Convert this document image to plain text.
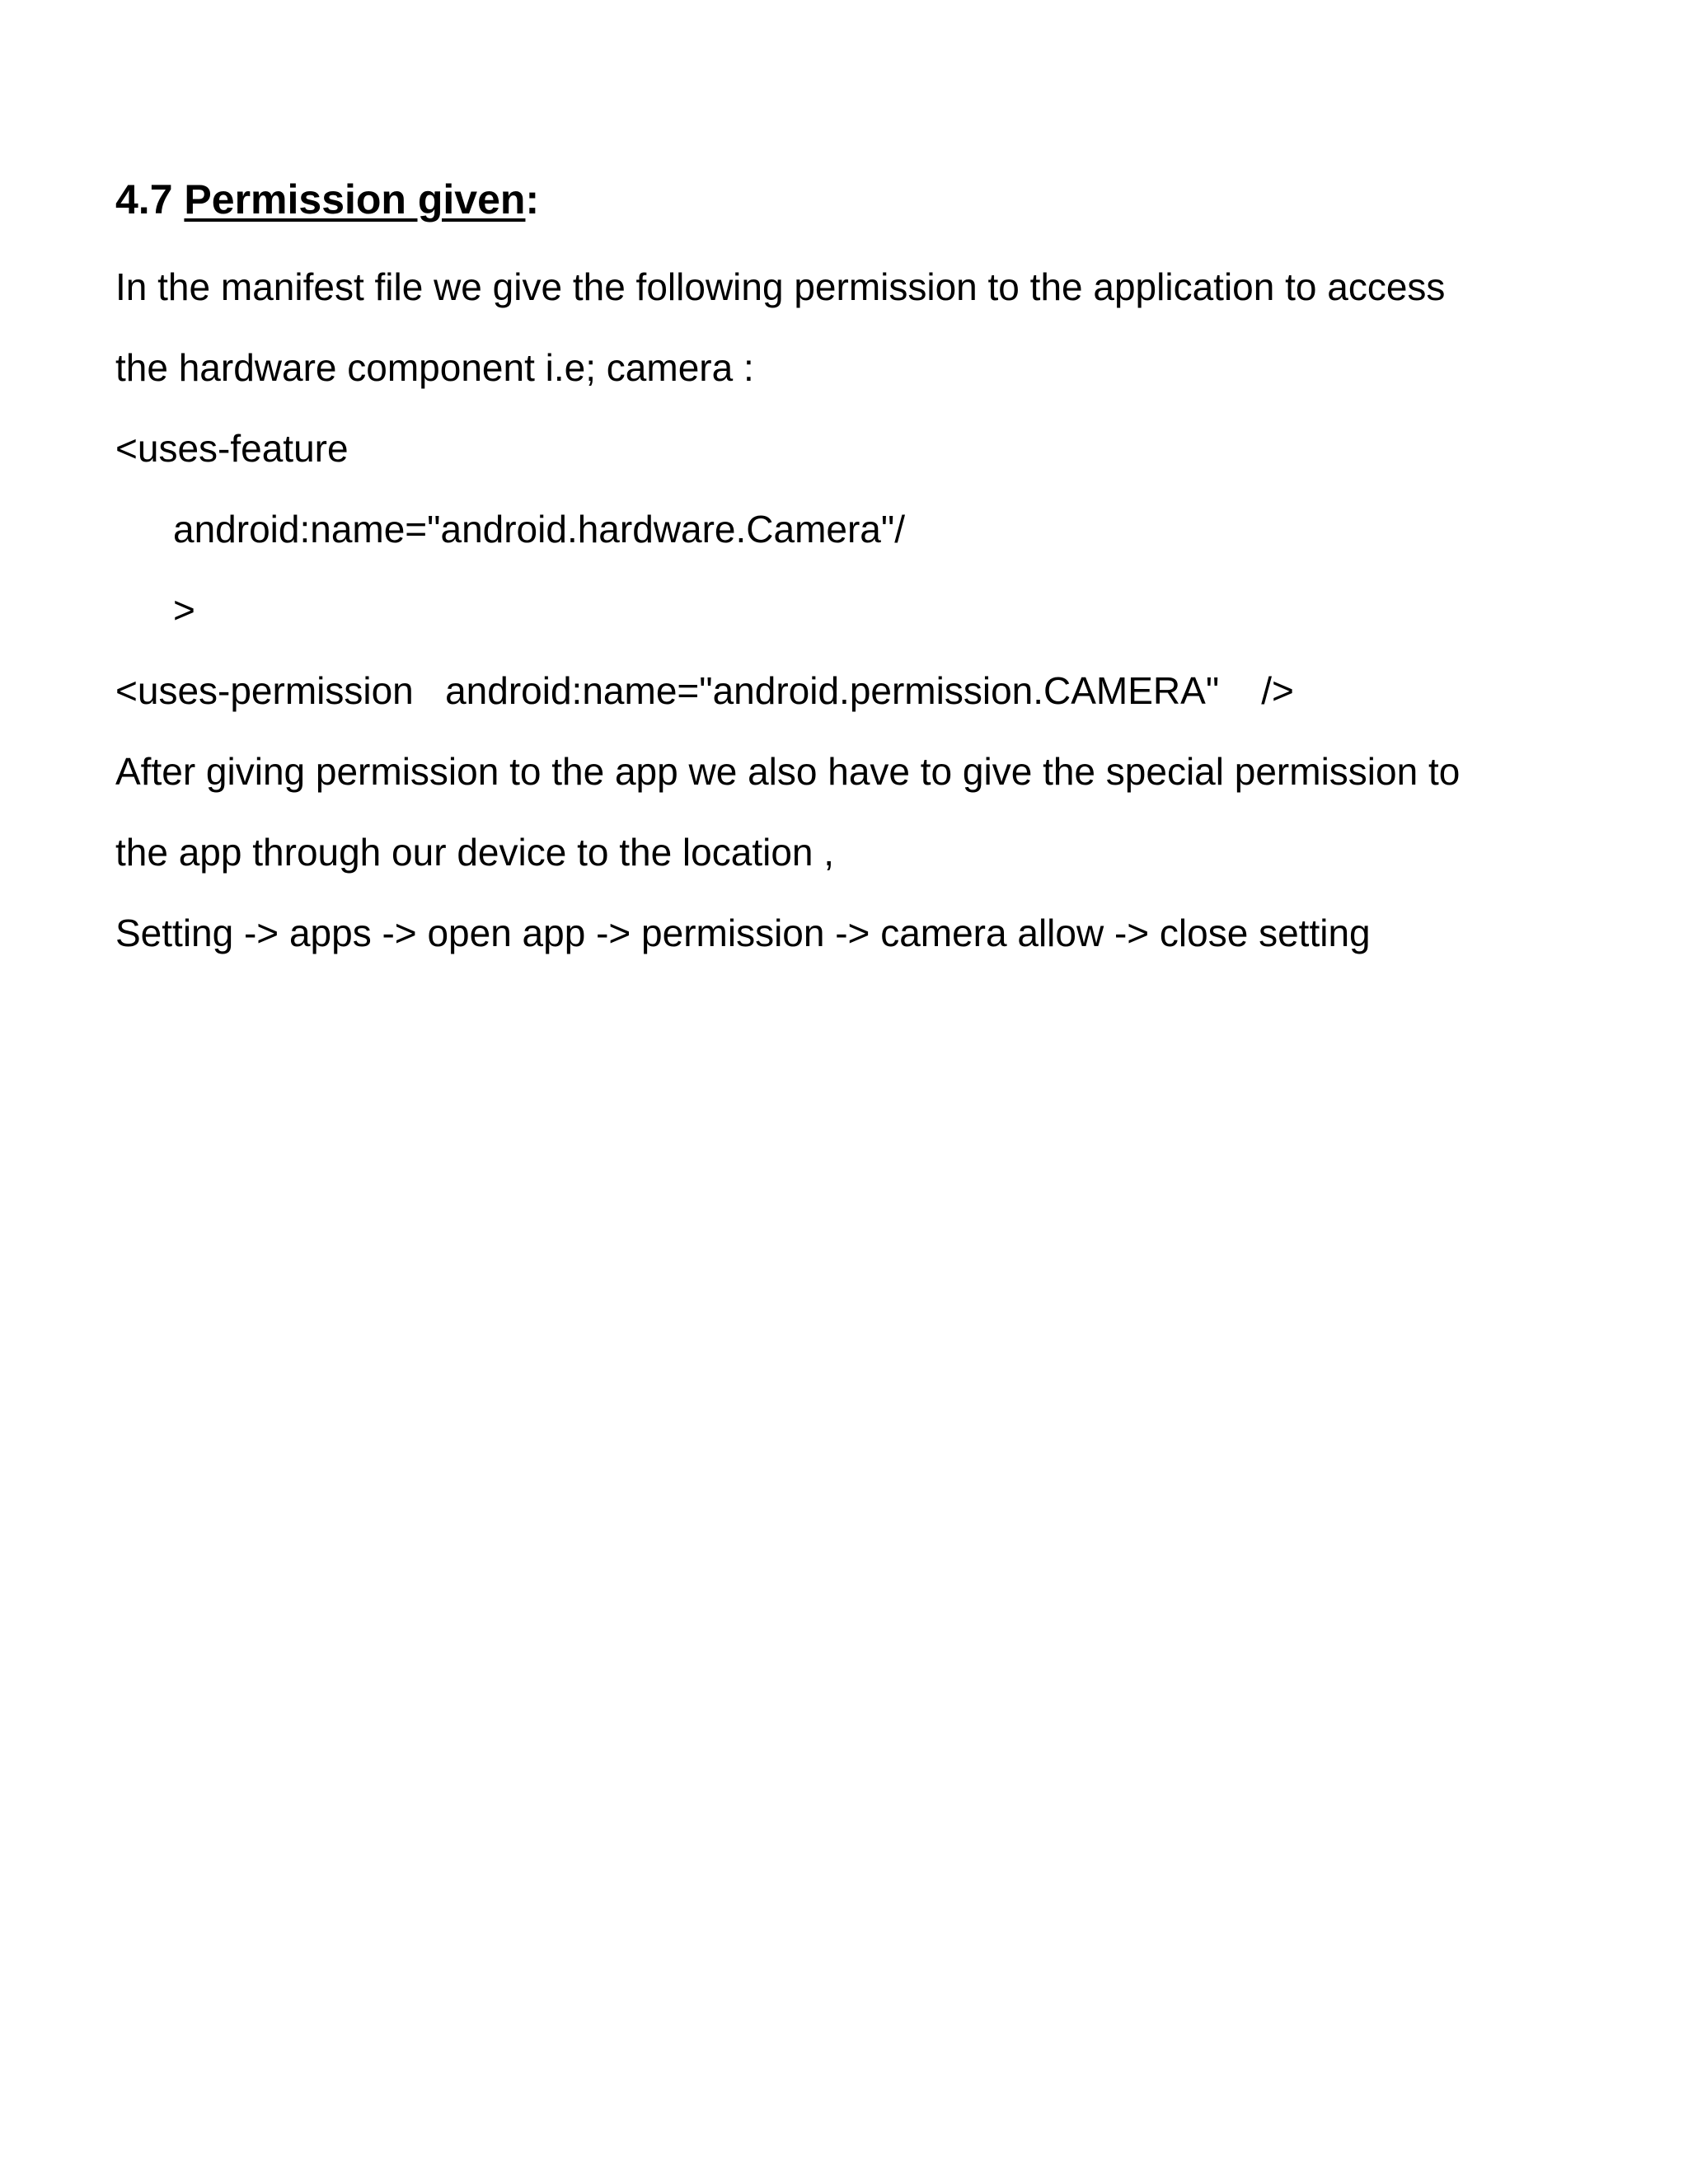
4.7 Permission given:
In the manifest file we give the following permission to the application to access
the hardware component i.e; camera :
<uses-feature
android:name="android.hardware.Camera"/
>
<uses-permission   android:name="android.permission.CAMERA"    />
After giving permission to the app we also have to give the special permission to
the app through our device to the location ,
Setting -> apps -> open app -> permission -> camera allow -> close setting
